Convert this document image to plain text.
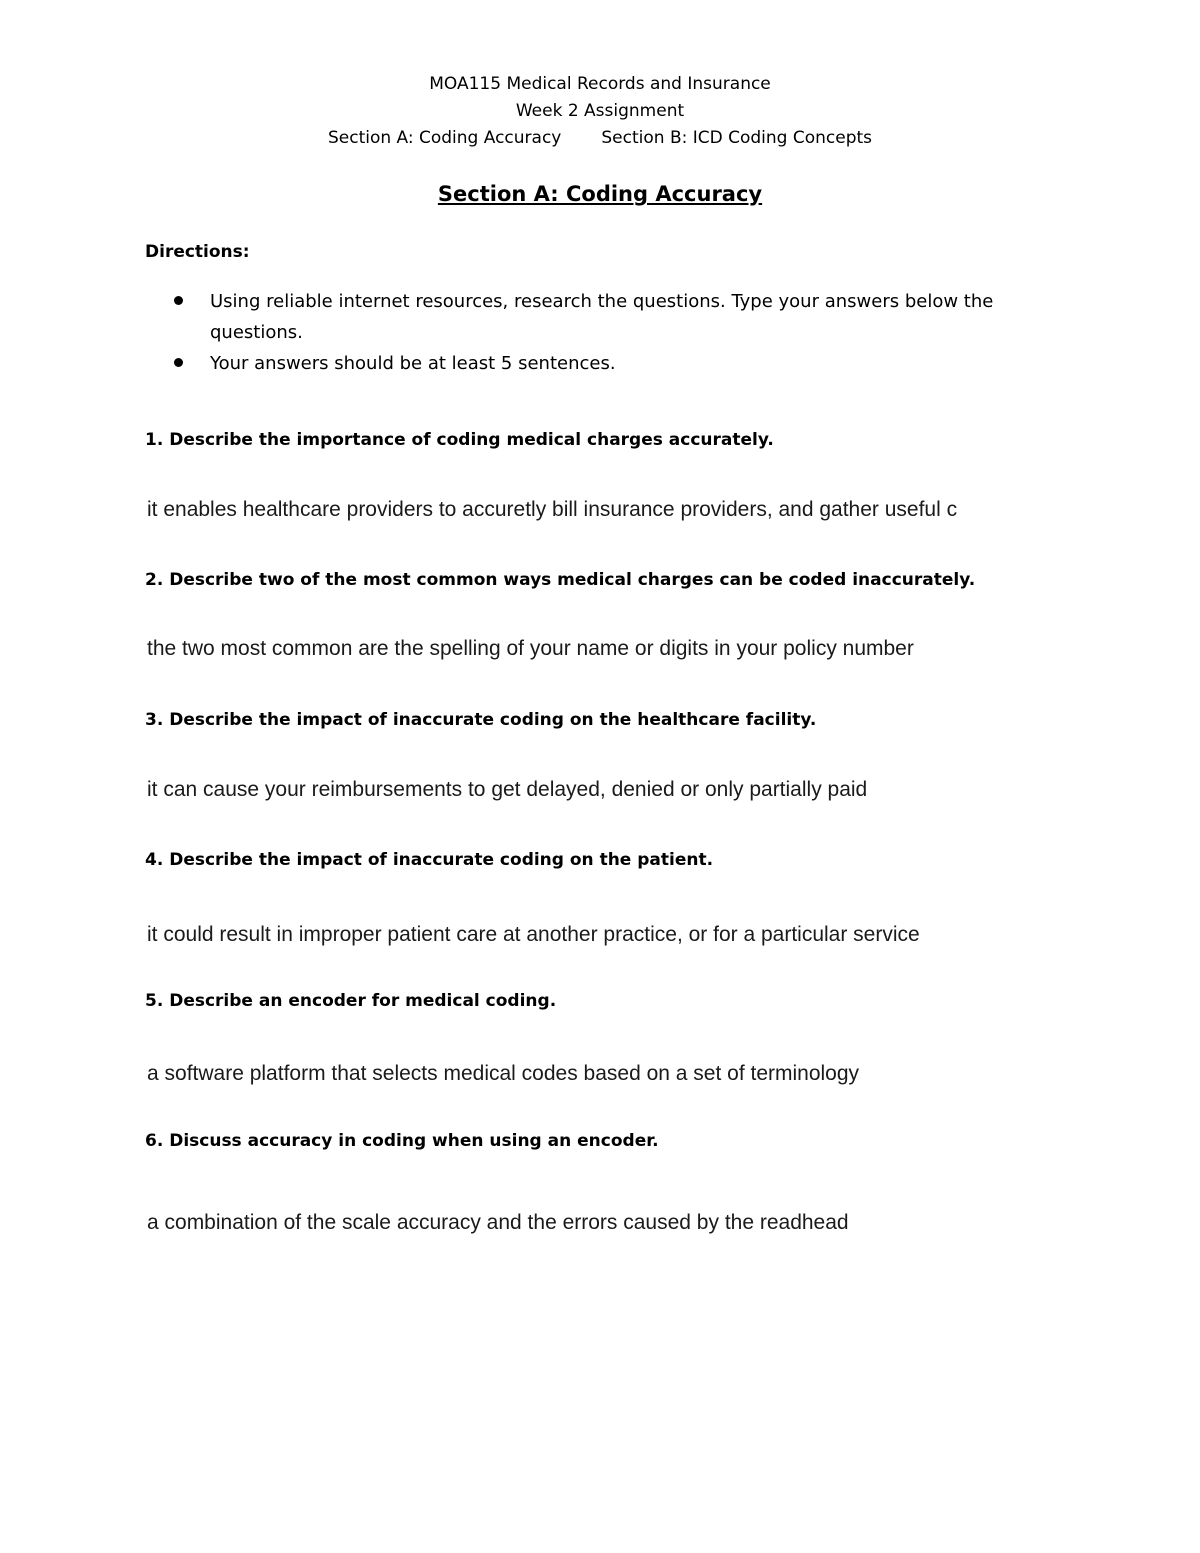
MOA115 Medical Records and Insurance
Week 2 Assignment
Section A: Coding Accuracy Section B: ICD Coding Concepts
Section A: Coding Accuracy
Directions:
Using reliable internet resources, research the questions. Type your answers below the questions.
Your answers should be at least 5 sentences.
1. Describe the importance of coding medical charges accurately.
it enables healthcare providers to accuretly bill insurance providers, and gather useful c
2. Describe two of the most common ways medical charges can be coded inaccurately.
the two most common are the spelling of your name or digits in your policy number
3. Describe the impact of inaccurate coding on the healthcare facility.
it can cause your reimbursements to get delayed, denied or only partially paid
4. Describe the impact of inaccurate coding on the patient.
it could result in improper patient care at another practice, or for a particular service
5. Describe an encoder for medical coding.
a software platform that selects medical codes based on a set of terminology
6. Discuss accuracy in coding when using an encoder.
a combination of the scale accuracy and the errors caused by the readhead
